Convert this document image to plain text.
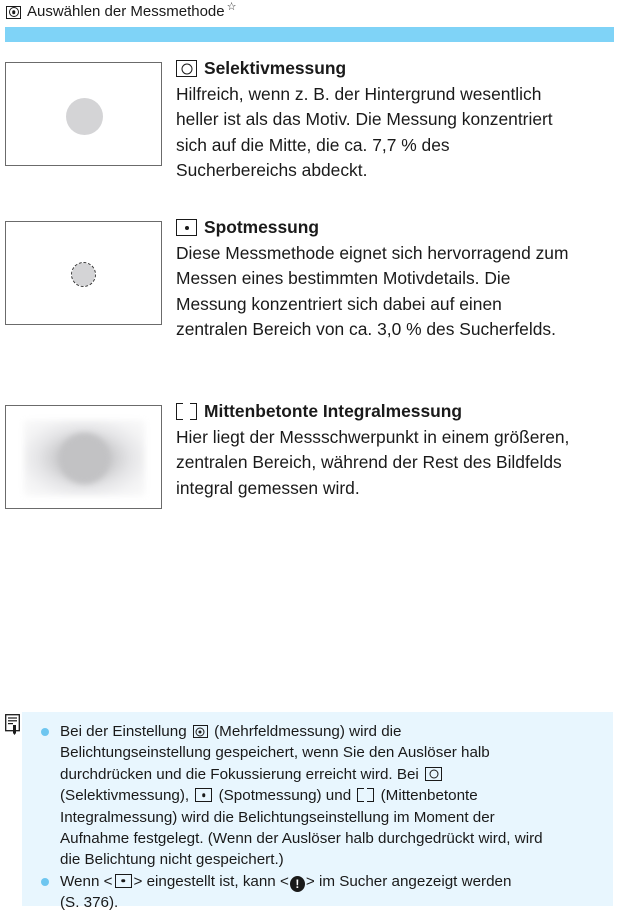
Auswählen der Messmethode ☆
Selektivmessung

Hilfreich, wenn z. B. der Hintergrund wesentlich
heller ist als das Motiv. Die Messung konzentriert
sich auf die Mitte, die ca. 7,7 % des
Sucherbereichs abdeckt.

Spotmessung

Diese Messmethode eignet sich hervorragend zum
Messen eines bestimmten Motivdetails. Die
Messung konzentriert sich dabei auf einen
zentralen Bereich von ca. 3,0 % des Sucherfelds.

Mittenbetonte Integralmessung

Hier liegt der Messschwerpunkt in einem größeren,
zentralen Bereich, während der Rest des Bildfelds
integral gemessen wird.

Bei der Einstellung (Mehrfeldmessung) wird die
Belichtungseinstellung gespeichert, wenn Sie den Auslöser halb
durchdrücken und die Fokussierung erreicht wird. Bei

(Selektivmessung), (Spotmessung) und (Mittenbetonte
Integralmessung) wird die Belichtungseinstellung im Moment der
Aufnahme festgelegt. (Wenn der Auslöser halb durchgedrückt wird, wird
die Belichtung nicht gespeichert.)
Wenn < > eingestellt ist, kann < ! > im Sucher angezeigt werden
(S. 376).
